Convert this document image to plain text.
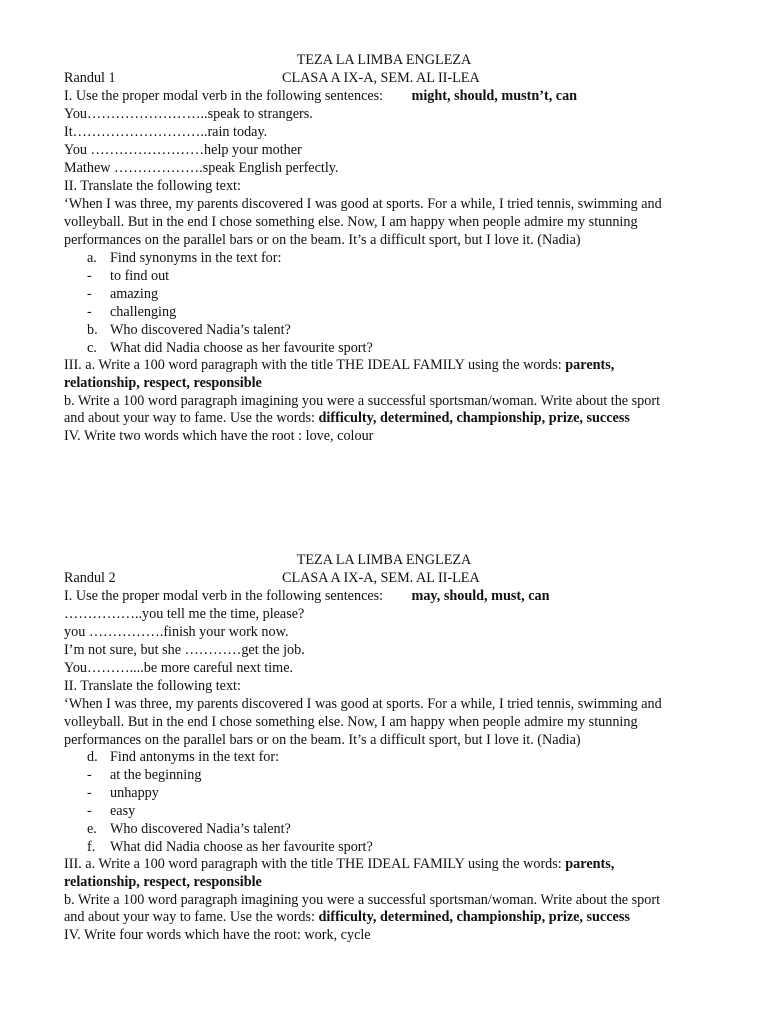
TEZA LA LIMBA ENGLEZA
Randul 1	CLASA A IX-A, SEM. AL II-LEA
I. Use the proper modal verb in the following sentences: might, should, mustn’t, can
You……………………..speak to strangers.
It………………………..rain today.
You ……………………help your mother
Mathew ……………….speak English perfectly.
II. Translate the following text:
‘When I was three, my parents discovered I was good at sports. For a while, I tried tennis, swimming and
volleyball. But in the end I chose something else. Now, I am happy when people admire my stunning
performances on the parallel bars or on the beam. It’s a difficult sport, but I love it. (Nadia)
a. Find synonyms in the text for:
- to find out
- amazing
- challenging
b. Who discovered Nadia’s talent?
c. What did Nadia choose as her favourite sport?
III. a. Write a 100 word paragraph with the title THE IDEAL FAMILY using the words: parents,
relationship, respect, responsible
b. Write a 100 word paragraph imagining you were a successful sportsman/woman. Write about the sport
and about your way to fame. Use the words: difficulty, determined, championship, prize, success
IV. Write two words which have the root : love, colour
TEZA LA LIMBA ENGLEZA
Randul 2	CLASA A IX-A, SEM. AL II-LEA
I. Use the proper modal verb in the following sentences: may, should, must, can
……………..you tell me the time, please?
you …………….finish your work now.
I’m not sure, but she …………get the job.
You………....be more careful next time.
II. Translate the following text:
‘When I was three, my parents discovered I was good at sports. For a while, I tried tennis, swimming and
volleyball. But in the end I chose something else. Now, I am happy when people admire my stunning
performances on the parallel bars or on the beam. It’s a difficult sport, but I love it. (Nadia)
d. Find antonyms in the text for:
- at the beginning
- unhappy
- easy
e. Who discovered Nadia’s talent?
f. What did Nadia choose as her favourite sport?
III. a. Write a 100 word paragraph with the title THE IDEAL FAMILY using the words: parents,
relationship, respect, responsible
b. Write a 100 word paragraph imagining you were a successful sportsman/woman. Write about the sport
and about your way to fame. Use the words: difficulty, determined, championship, prize, success
IV. Write four words which have the root: work, cycle
